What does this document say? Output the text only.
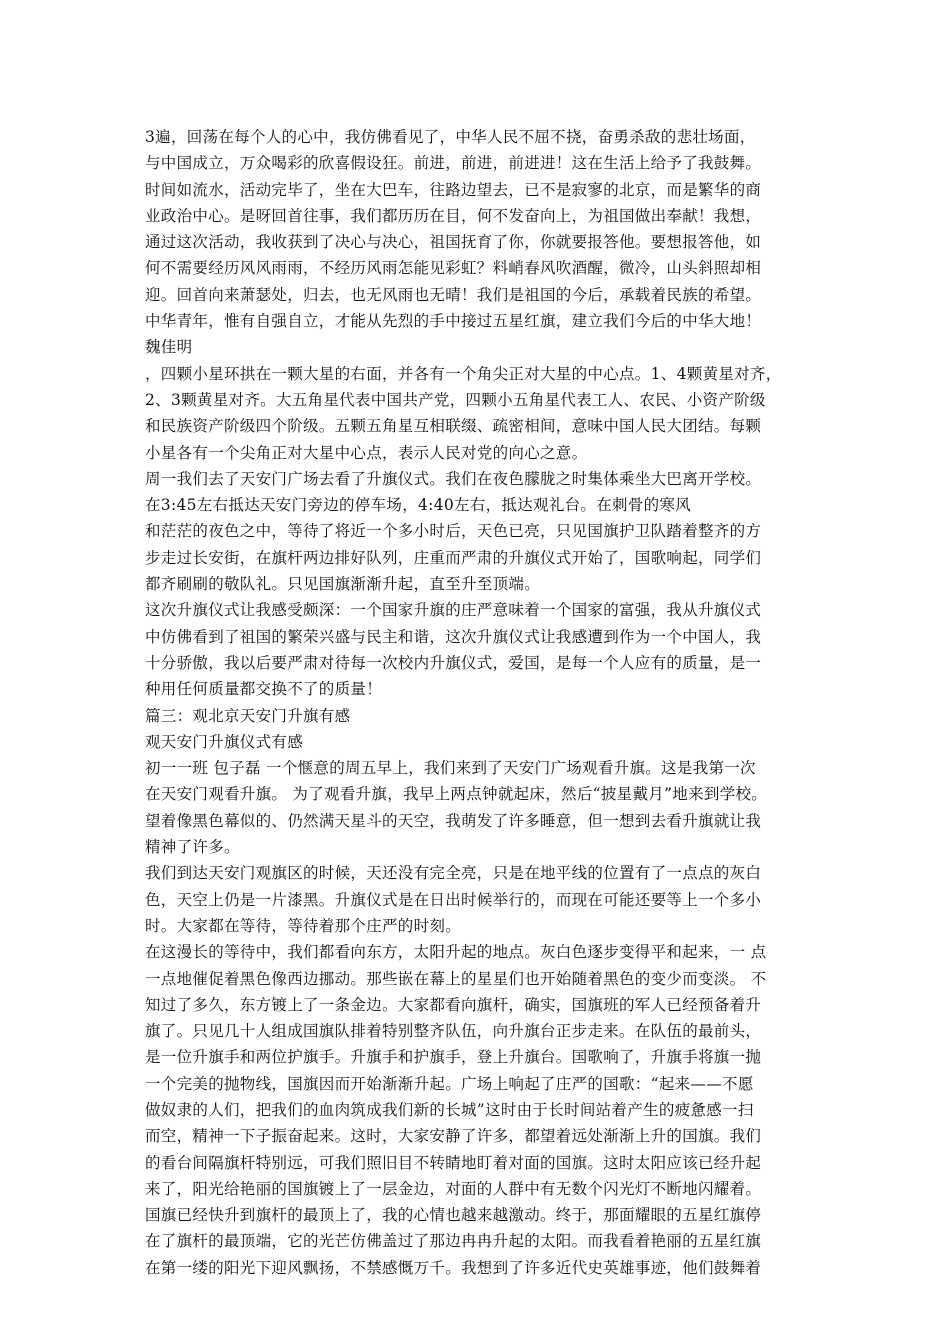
3遍，回荡在每个人的心中，我仿佛看见了，中华人民不屈不挠，奋勇杀敌的悲壮场面，
与中国成立，万众喝彩的欣喜假设狂。前进，前进，前进进！这在生活上给予了我鼓舞。
时间如流水，活动完毕了，坐在大巴车，往路边望去，已不是寂寥的北京，而是繁华的商
业政治中心。是呀回首往事，我们都历历在目，何不发奋向上，为祖国做出奉献！我想，
通过这次活动，我收获到了决心与决心，祖国抚育了你，你就要报答他。要想报答他，如
何不需要经历风风雨雨，不经历风雨怎能见彩虹？料峭春风吹酒醒，微冷，山头斜照却相
迎。回首向来萧瑟处，归去，也无风雨也无晴！我们是祖国的今后，承载着民族的希望。
中华青年，惟有自强自立，才能从先烈的手中接过五星红旗，建立我们今后的中华大地！
魏佳明
，四颗小星环拱在一颗大星的右面，并各有一个角尖正对大星的中心点。1、4颗黄星对齐，
2、3颗黄星对齐。大五角星代表中国共产党，四颗小五角星代表工人、农民、小资产阶级
和民族资产阶级四个阶级。五颗五角星互相联缀、疏密相间，意味中国人民大团结。每颗
小星各有一个尖角正对大星中心点，表示人民对党的向心之意。
周一我们去了天安门广场去看了升旗仪式。我们在夜色朦胧之时集体乘坐大巴离开学校。
在3:45左右抵达天安门旁边的停车场，4:40左右，抵达观礼台。在刺骨的寒风
和茫茫的夜色之中，等待了将近一个多小时后，天色已亮，只见国旗护卫队踏着整齐的方
步走过长安街，在旗杆两边排好队列，庄重而严肃的升旗仪式开始了，国歌响起，同学们
都齐刷刷的敬队礼。只见国旗渐渐升起，直至升至顶端。
这次升旗仪式让我感受颇深：一个国家升旗的庄严意味着一个国家的富强，我从升旗仪式
中仿佛看到了祖国的繁荣兴盛与民主和谐，这次升旗仪式让我感遭到作为一个中国人，我
十分骄傲，我以后要严肃对待每一次校内升旗仪式，爱国，是每一个人应有的质量，是一
种用任何质量都交换不了的质量！
篇三：观北京天安门升旗有感
观天安门升旗仪式有感
初一一班 包子磊 一个惬意的周五早上，我们来到了天安门广场观看升旗。这是我第一次
在天安门观看升旗。 为了观看升旗，我早上两点钟就起床，然后“披星戴月”地来到学校。
望着像黑色幕似的、仍然满天星斗的天空，我萌发了许多睡意，但一想到去看升旗就让我
精神了许多。
我们到达天安门观旗区的时候，天还没有完全亮，只是在地平线的位置有了一点点的灰白
色，天空上仍是一片漆黑。升旗仪式是在日出时候举行的，而现在可能还要等上一个多小
时。大家都在等待，等待着那个庄严的时刻。
在这漫长的等待中，我们都看向东方，太阳升起的地点。灰白色逐步变得平和起来，一 点
一点地催促着黑色像西边挪动。那些嵌在幕上的星星们也开始随着黑色的变少而变淡。 不
知过了多久，东方镀上了一条金边。大家都看向旗杆，确实，国旗班的军人已经预备着升
旗了。只见几十人组成国旗队排着特别整齐队伍，向升旗台正步走来。在队伍的最前头，
是一位升旗手和两位护旗手。升旗手和护旗手，登上升旗台。国歌响了，升旗手将旗一抛
一个完美的抛物线，国旗因而开始渐渐升起。广场上响起了庄严的国歌：“起来——不愿
做奴隶的人们，把我们的血肉筑成我们新的长城”这时由于长时间站着产生的疲惫感一扫
而空，精神一下子振奋起来。这时，大家安静了许多，都望着远处渐渐上升的国旗。我们
的看台间隔旗杆特别远，可我们照旧目不转睛地盯着对面的国旗。这时太阳应该已经升起
来了，阳光给艳丽的国旗镀上了一层金边，对面的人群中有无数个闪光灯不断地闪耀着。
国旗已经快升到旗杆的最顶上了，我的心情也越来越激动。终于，那面耀眼的五星红旗停
在了旗杆的最顶端，它的光芒仿佛盖过了那边冉冉升起的太阳。而我看着艳丽的五星红旗
在第一缕的阳光下迎风飘扬，不禁感慨万千。我想到了许多近代史英雄事迹，他们鼓舞着
